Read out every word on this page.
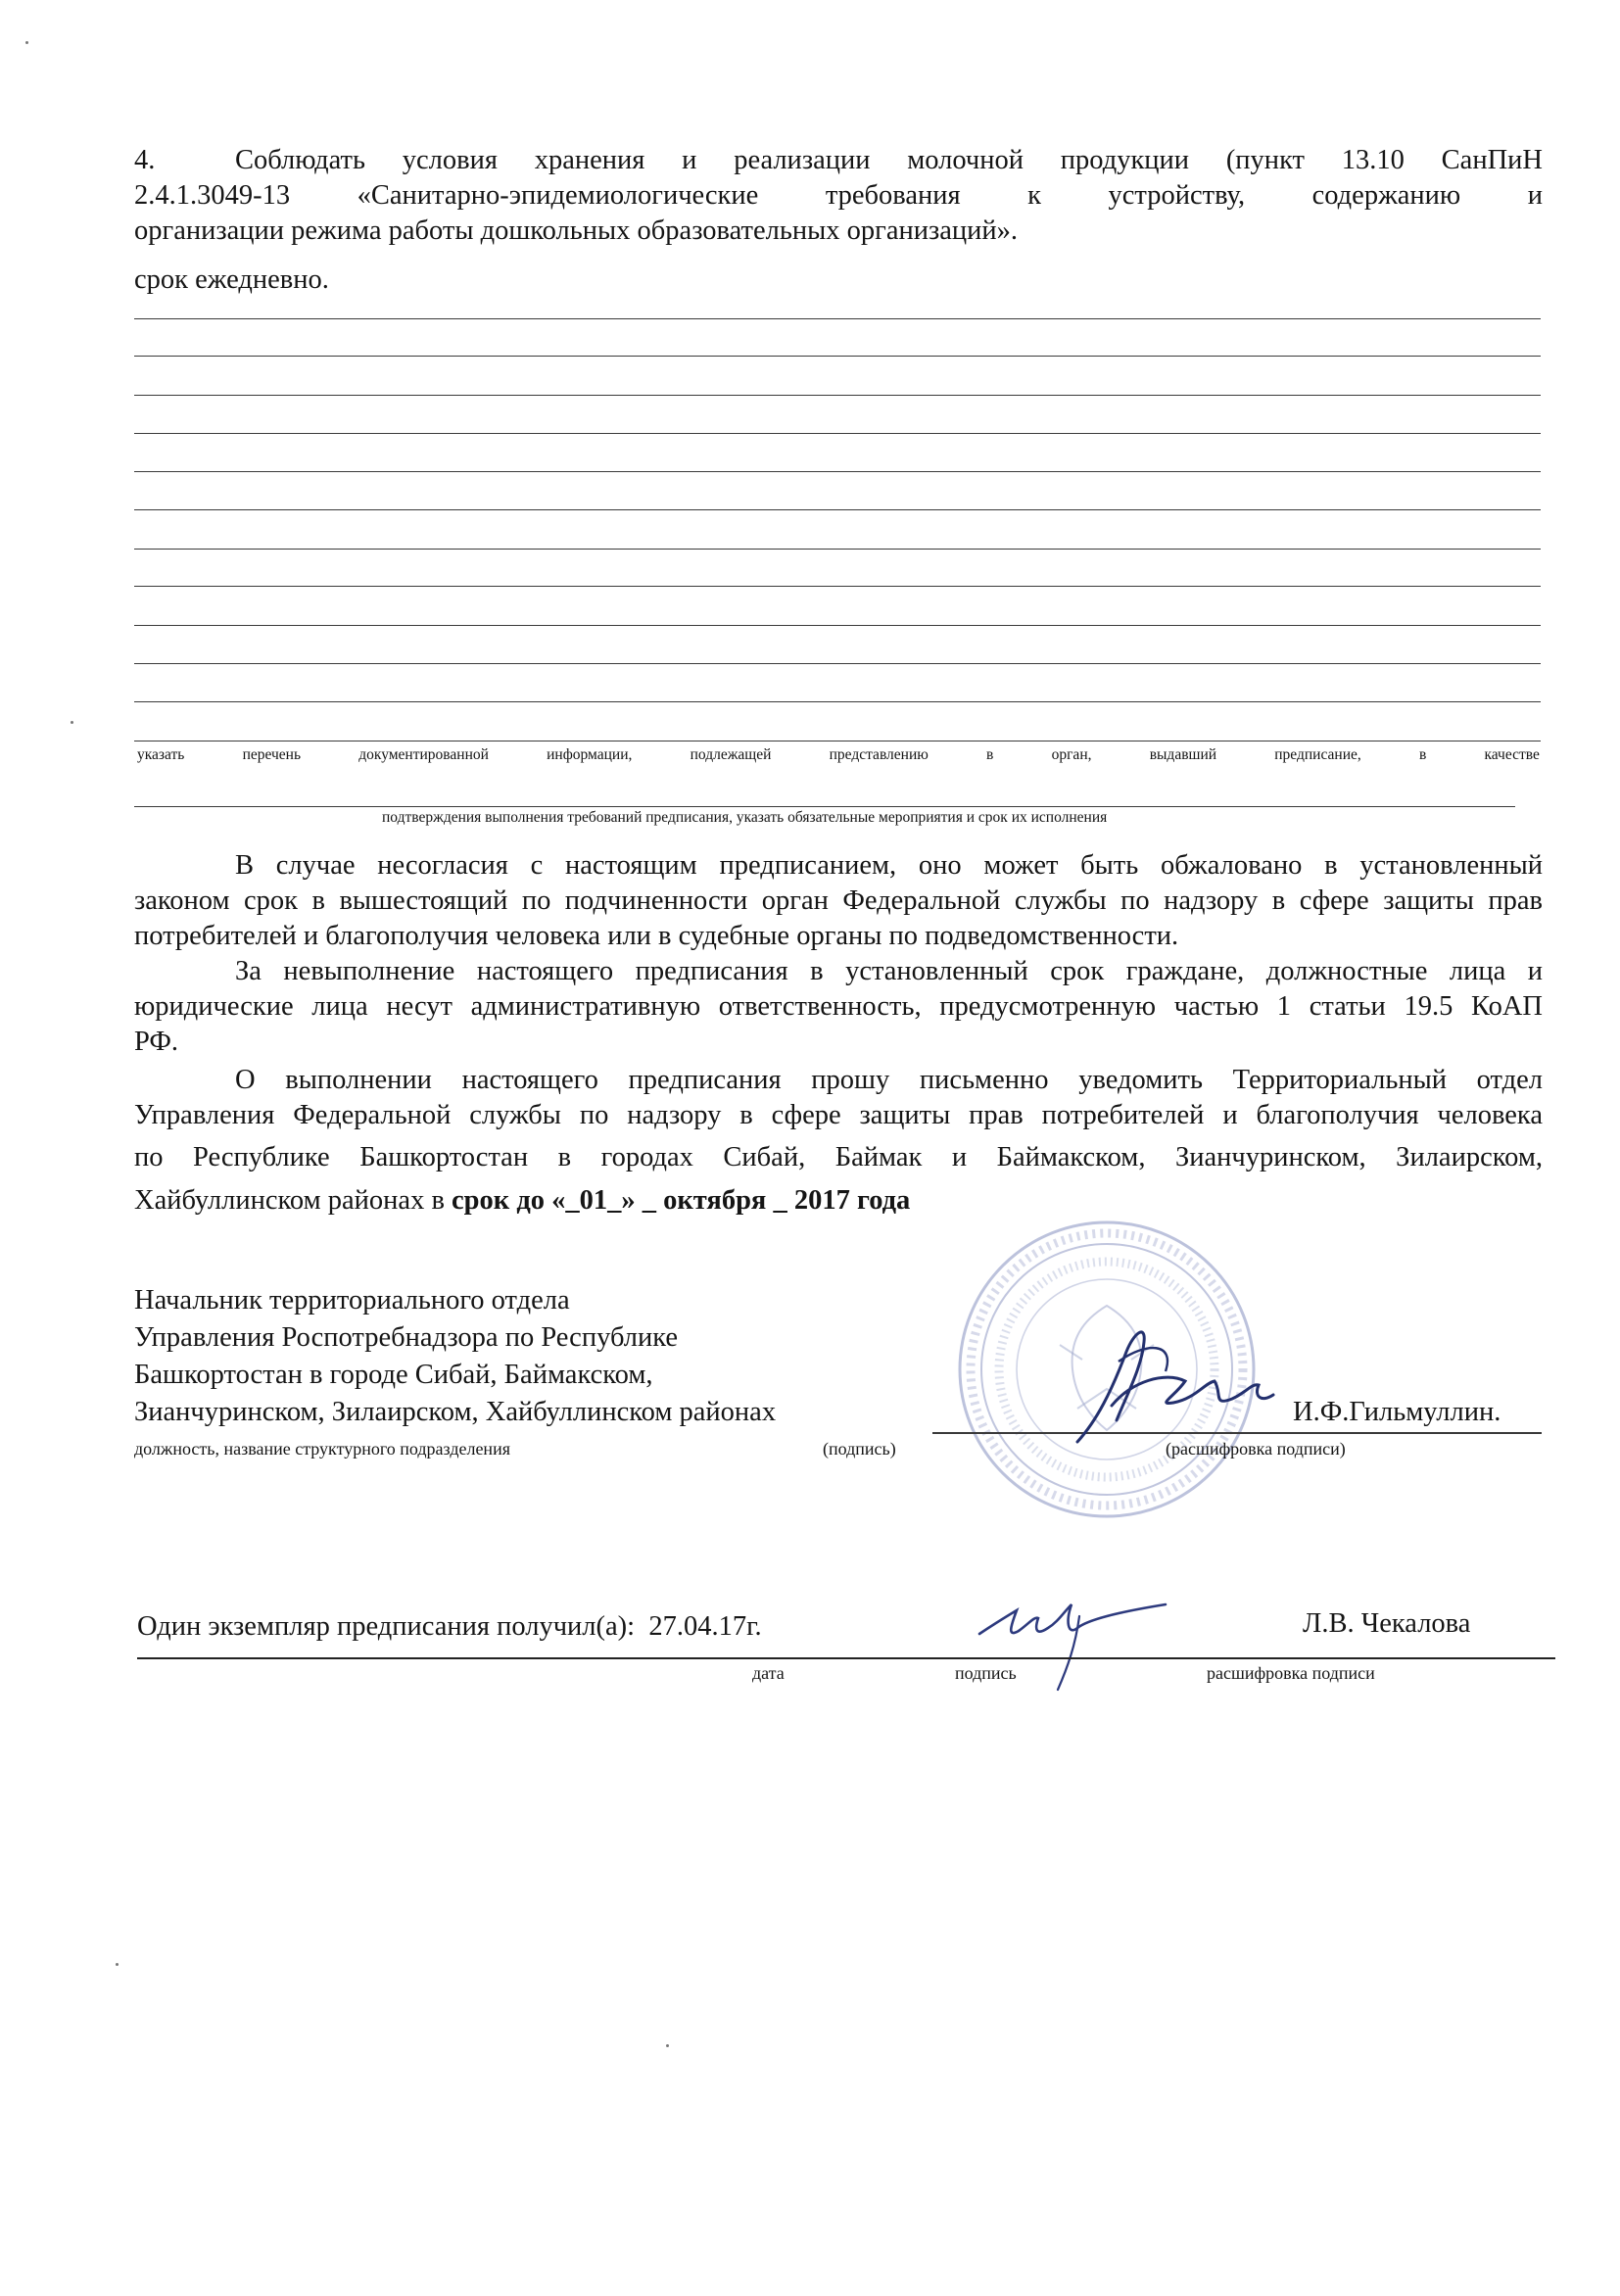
4.	Соблюдать условия хранения и реализации молочной продукции (пункт 13.10 СанПиН
2.4.1.3049-13 «Санитарно-эпидемиологические требования к устройству, содержанию и
организации режима работы дошкольных образовательных организаций».
срок ежедневно.
указать	перечень	документированной	информации,	подлежащей	представлению	в	орган,	выдавший	предписание,	в	качестве
подтверждения выполнения требований предписания, указать обязательные мероприятия и срок их исполнения
В случае несогласия с настоящим предписанием, оно может быть обжаловано в установленный
законом срок в вышестоящий по подчиненности орган Федеральной службы по надзору в сфере защиты прав
потребителей и благополучия человека или в судебные органы по подведомственности.
За невыполнение настоящего предписания в установленный срок граждане, должностные лица и
юридические лица несут административную ответственность, предусмотренную частью 1 статьи 19.5 КоАП
РФ.
О выполнении настоящего предписания прошу письменно уведомить Территориальный отдел
Управления Федеральной службы по надзору в сфере защиты прав потребителей и благополучия человека
по Республике Башкортостан в городах Сибай, Баймак и Баймакском, Зианчуринском, Зилаирском,
Хайбуллинском районах в срок до «_01_» _ октября _ 2017 года
Начальник территориального отдела
Управления Роспотребнадзора по Республике
Башкортостан в городе Сибай, Баймакском,
Зианчуринском, Зилаирском, Хайбуллинском районах	И.Ф.Гильмуллин.
должность, название структурного подразделения	(подпись)	(расшифровка подписи)
Один экземпляр предписания получил(а): 27.04.17г.	Л.В. Чекалова
дата	подпись	расшифровка подписи
